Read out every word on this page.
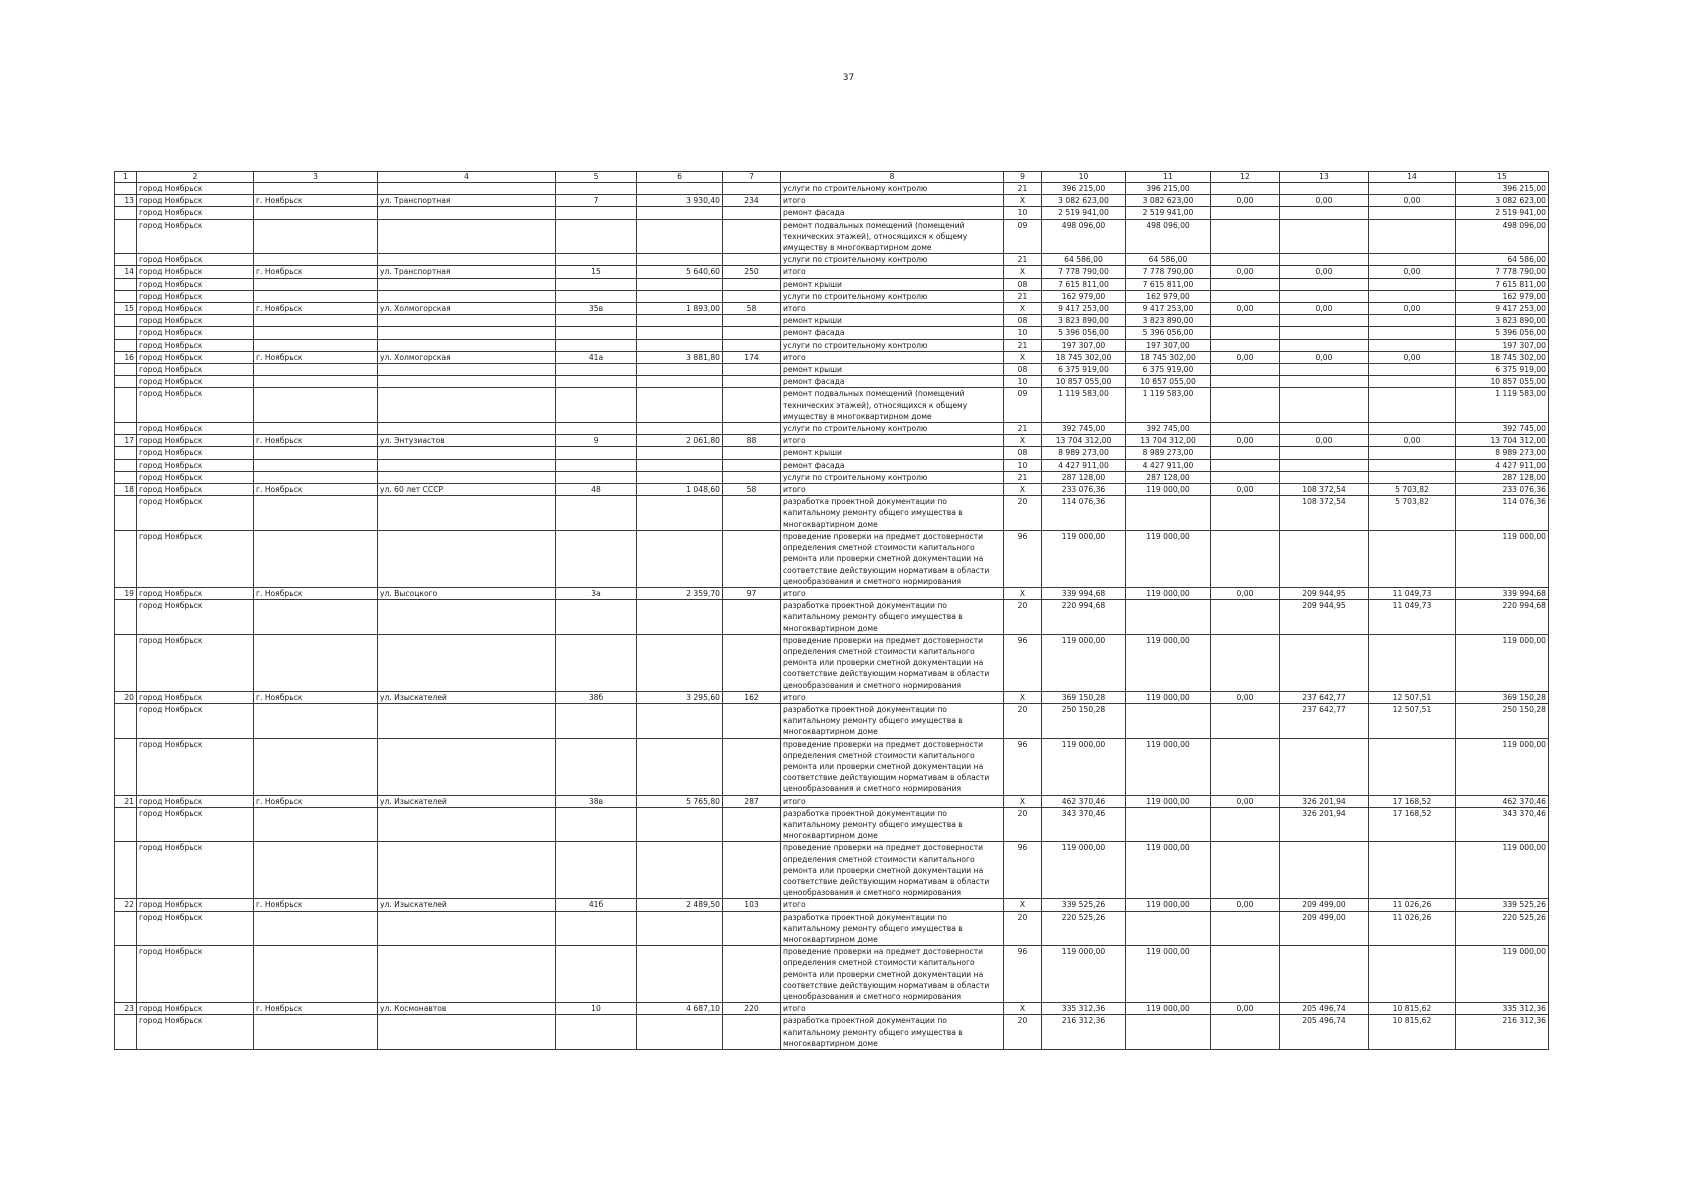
37
1	2	3	4	5	6	7	8	9	10	11	12	13	14	15
	город Ноябрьск						услуги по строительному контролю	21	396 215,00	396 215,00				396 215,00
13	город Ноябрьск	г. Ноябрьск	ул. Транспортная	7	3 930,40	234	итого	Х	3 082 623,00	3 082 623,00	0,00	0,00	0,00	3 082 623,00
	город Ноябрьск						ремонт фасада	10	2 519 941,00	2 519 941,00				2 519 941,00
	город Ноябрьск						ремонт подвальных помещений (помещений технических этажей), относящихся к общему имуществу в многоквартирном доме	09	498 096,00	498 096,00				498 096,00
	город Ноябрьск						услуги по строительному контролю	21	64 586,00	64 586,00				64 586,00
14	город Ноябрьск	г. Ноябрьск	ул. Транспортная	15	5 640,60	250	итого	Х	7 778 790,00	7 778 790,00	0,00	0,00	0,00	7 778 790,00
	город Ноябрьск						ремонт крыши	08	7 615 811,00	7 615 811,00				7 615 811,00
	город Ноябрьск						услуги по строительному контролю	21	162 979,00	162 979,00				162 979,00
15	город Ноябрьск	г. Ноябрьск	ул. Холмогорская	35в	1 893,00	58	итого	Х	9 417 253,00	9 417 253,00	0,00	0,00	0,00	9 417 253,00
	город Ноябрьск						ремонт крыши	08	3 823 890,00	3 823 890,00				3 823 890,00
	город Ноябрьск						ремонт фасада	10	5 396 056,00	5 396 056,00				5 396 056,00
	город Ноябрьск						услуги по строительному контролю	21	197 307,00	197 307,00				197 307,00
16	город Ноябрьск	г. Ноябрьск	ул. Холмогорская	41а	3 881,80	174	итого	Х	18 745 302,00	18 745 302,00	0,00	0,00	0,00	18 745 302,00
	город Ноябрьск						ремонт крыши	08	6 375 919,00	6 375 919,00				6 375 919,00
	город Ноябрьск						ремонт фасада	10	10 857 055,00	10 857 055,00				10 857 055,00
	город Ноябрьск						ремонт подвальных помещений (помещений технических этажей), относящихся к общему имуществу в многоквартирном доме	09	1 119 583,00	1 119 583,00				1 119 583,00
	город Ноябрьск						услуги по строительному контролю	21	392 745,00	392 745,00				392 745,00
17	город Ноябрьск	г. Ноябрьск	ул. Энтузиастов	9	2 061,80	88	итого	Х	13 704 312,00	13 704 312,00	0,00	0,00	0,00	13 704 312,00
	город Ноябрьск						ремонт крыши	08	8 989 273,00	8 989 273,00				8 989 273,00
	город Ноябрьск						ремонт фасада	10	4 427 911,00	4 427 911,00				4 427 911,00
	город Ноябрьск						услуги по строительному контролю	21	287 128,00	287 128,00				287 128,00
18	город Ноябрьск	г. Ноябрьск	ул. 60 лет СССР	48	1 048,60	58	итого	Х	233 076,36	119 000,00	0,00	108 372,54	5 703,82	233 076,36
	город Ноябрьск						разработка проектной документации по капитальному ремонту общего имущества в многоквартирном доме	20	114 076,36			108 372,54	5 703,82	114 076,36
	город Ноябрьск						проведение проверки на предмет достоверности определения сметной стоимости капитального ремонта или проверки сметной документации на соответствие действующим нормативам в области ценообразования и сметного нормирования	96	119 000,00	119 000,00				119 000,00
19	город Ноябрьск	г. Ноябрьск	ул. Высоцкого	3а	2 359,70	97	итого	Х	339 994,68	119 000,00	0,00	209 944,95	11 049,73	339 994,68
	город Ноябрьск						разработка проектной документации по капитальному ремонту общего имущества в многоквартирном доме	20	220 994,68			209 944,95	11 049,73	220 994,68
	город Ноябрьск						проведение проверки на предмет достоверности определения сметной стоимости капитального ремонта или проверки сметной документации на соответствие действующим нормативам в области ценообразования и сметного нормирования	96	119 000,00	119 000,00				119 000,00
20	город Ноябрьск	г. Ноябрьск	ул. Изыскателей	38б	3 295,60	162	итого	Х	369 150,28	119 000,00	0,00	237 642,77	12 507,51	369 150,28
	город Ноябрьск						разработка проектной документации по капитальному ремонту общего имущества в многоквартирном доме	20	250 150,28			237 642,77	12 507,51	250 150,28
	город Ноябрьск						проведение проверки на предмет достоверности определения сметной стоимости капитального ремонта или проверки сметной документации на соответствие действующим нормативам в области ценообразования и сметного нормирования	96	119 000,00	119 000,00				119 000,00
21	город Ноябрьск	г. Ноябрьск	ул. Изыскателей	38в	5 765,80	287	итого	Х	462 370,46	119 000,00	0,00	326 201,94	17 168,52	462 370,46
	город Ноябрьск						разработка проектной документации по капитальному ремонту общего имущества в многоквартирном доме	20	343 370,46			326 201,94	17 168,52	343 370,46
	город Ноябрьск						проведение проверки на предмет достоверности определения сметной стоимости капитального ремонта или проверки сметной документации на соответствие действующим нормативам в области ценообразования и сметного нормирования	96	119 000,00	119 000,00				119 000,00
22	город Ноябрьск	г. Ноябрьск	ул. Изыскателей	41б	2 489,50	103	итого	Х	339 525,26	119 000,00	0,00	209 499,00	11 026,26	339 525,26
	город Ноябрьск						разработка проектной документации по капитальному ремонту общего имущества в многоквартирном доме	20	220 525,26			209 499,00	11 026,26	220 525,26
	город Ноябрьск						проведение проверки на предмет достоверности определения сметной стоимости капитального ремонта или проверки сметной документации на соответствие действующим нормативам в области ценообразования и сметного нормирования	96	119 000,00	119 000,00				119 000,00
23	город Ноябрьск	г. Ноябрьск	ул. Космонавтов	10	4 687,10	220	итого	Х	335 312,36	119 000,00	0,00	205 496,74	10 815,62	335 312,36
	город Ноябрьск						разработка проектной документации по капитальному ремонту общего имущества в многоквартирном доме	20	216 312,36			205 496,74	10 815,62	216 312,36
